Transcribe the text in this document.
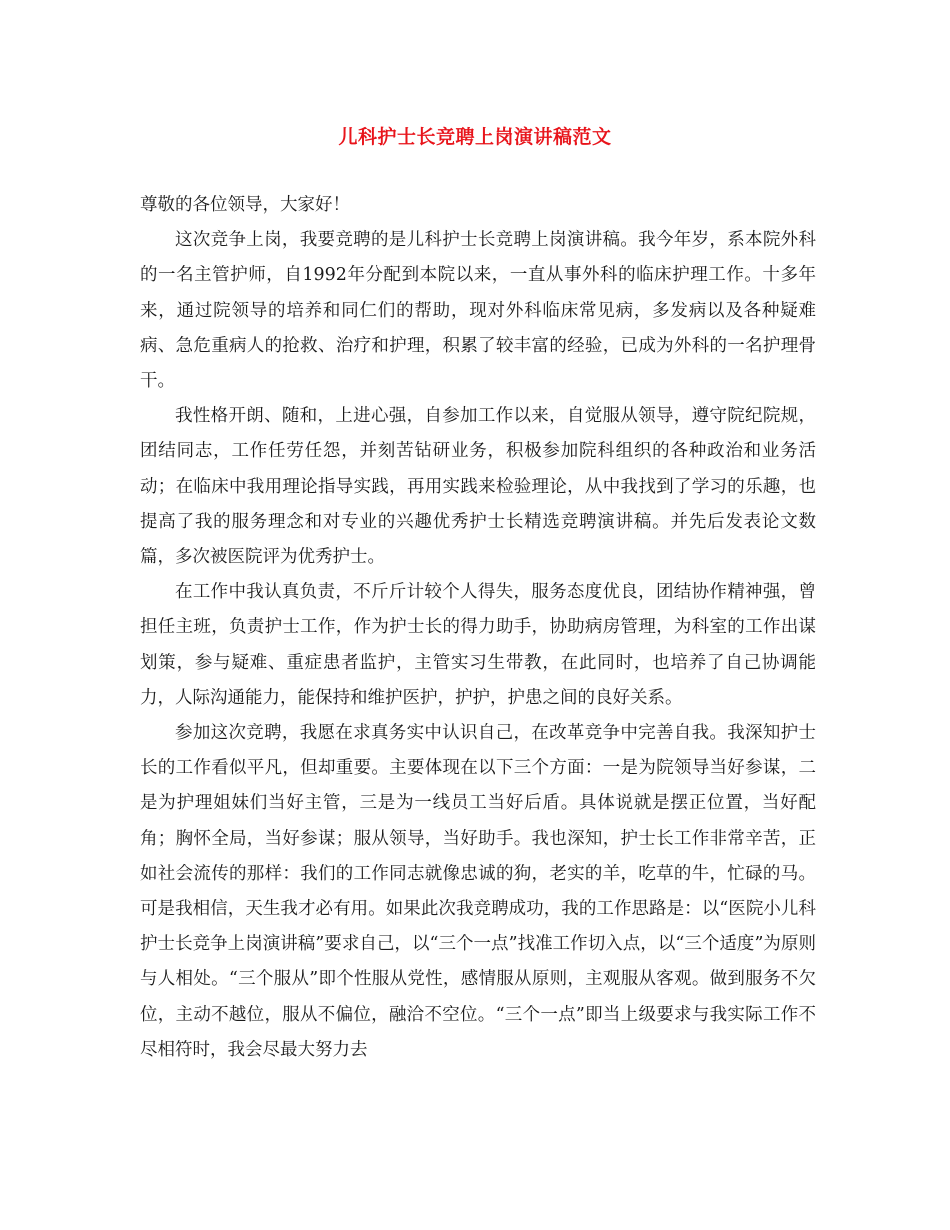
儿科护士长竞聘上岗演讲稿范文

尊敬的各位领导，大家好！

这次竞争上岗，我要竞聘的是儿科护士长竞聘上岗演讲稿。我今年岁，系本院外科的一名主管护师，自1992年分配到本院以来，一直从事外科的临床护理工作。十多年来，通过院领导的培养和同仁们的帮助，现对外科临床常见病，多发病以及各种疑难病、急危重病人的抢救、治疗和护理，积累了较丰富的经验，已成为外科的一名护理骨干。

我性格开朗、随和，上进心强，自参加工作以来，自觉服从领导，遵守院纪院规，团结同志，工作任劳任怨，并刻苦钻研业务，积极参加院科组织的各种政治和业务活动；在临床中我用理论指导实践，再用实践来检验理论，从中我找到了学习的乐趣，也提高了我的服务理念和对专业的兴趣优秀护士长精选竞聘演讲稿。并先后发表论文数篇，多次被医院评为优秀护士。

在工作中我认真负责，不斤斤计较个人得失，服务态度优良，团结协作精神强，曾担任主班，负责护士工作，作为护士长的得力助手，协助病房管理，为科室的工作出谋划策，参与疑难、重症患者监护，主管实习生带教，在此同时，也培养了自己协调能力，人际沟通能力，能保持和维护医护，护护，护患之间的良好关系。

参加这次竞聘，我愿在求真务实中认识自己，在改革竞争中完善自我。我深知护士长的工作看似平凡，但却重要。主要体现在以下三个方面：一是为院领导当好参谋，二是为护理姐妹们当好主管，三是为一线员工当好后盾。具体说就是摆正位置，当好配角；胸怀全局，当好参谋；服从领导，当好助手。我也深知，护士长工作非常辛苦，正如社会流传的那样：我们的工作同志就像忠诚的狗，老实的羊，吃草的牛，忙碌的马。可是我相信，天生我才必有用。如果此次我竞聘成功，我的工作思路是：以“医院小儿科护士长竞争上岗演讲稿”要求自己，以“三个一点”找准工作切入点，以“三个适度”为原则与人相处。“三个服从”即个性服从党性，感情服从原则，主观服从客观。做到服务不欠位，主动不越位，服从不偏位，融洽不空位。“三个一点”即当上级要求与我实际工作不尽相符时，我会尽最大努力去
